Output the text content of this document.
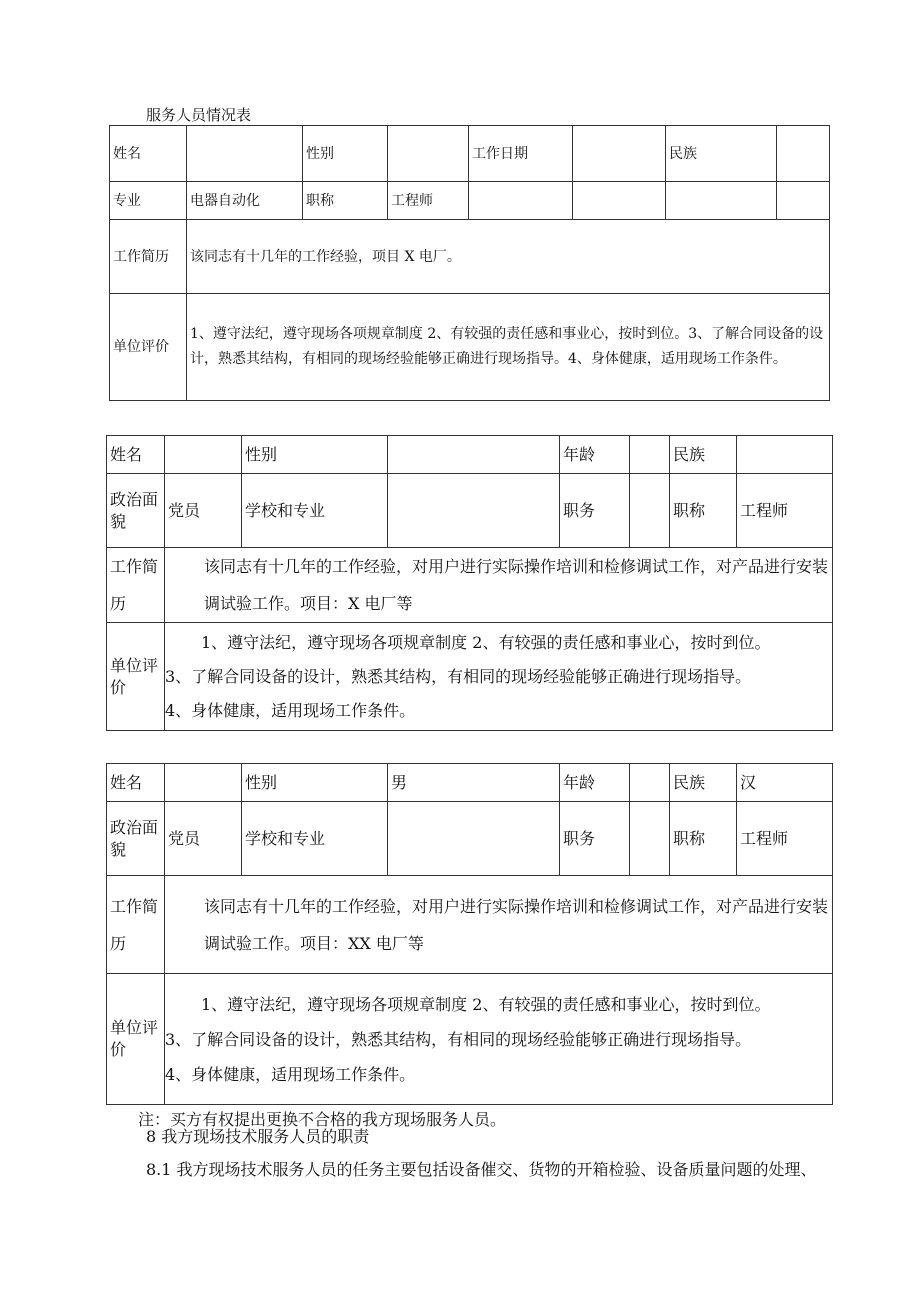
服务人员情况表
姓名		性别		工作日期		民族	
专业	电器自动化	职称	工程师				
工作简历	该同志有十几年的工作经验，项目 X 电厂。						
单位评价	1、遵守法纪，遵守现场各项规章制度 2、有较强的责任感和事业心，按时到位。3、了解合同设备的设计，熟悉其结构，有相同的现场经验能够正确进行现场指导。4、身体健康，适用现场工作条件。						
姓名		性别		年龄		民族	
政治面貌	党员	学校和专业		职务		职称	工程师
工作简历	该同志有十几年的工作经验，对用户进行实际操作培训和检修调试工作，对产品进行安装调试验工作。项目：X 电厂等						

单位评价	1、遵守法纪，遵守现场各项规章制度 2、有较强的责任感和事业心，按时到位。
3、了解合同设备的设计，熟悉其结构，有相同的现场经验能够正确进行现场指导。
4、身体健康，适用现场工作条件。						
姓名		性别	男	年龄		民族	汉
政治面貌	党员	学校和专业		职务		职称	工程师
工作简历	该同志有十几年的工作经验，对用户进行实际操作培训和检修调试工作，对产品进行安装调试验工作。项目：XX 电厂等						

单位评价	1、遵守法纪，遵守现场各项规章制度 2、有较强的责任感和事业心，按时到位。
3、了解合同设备的设计，熟悉其结构，有相同的现场经验能够正确进行现场指导。
4、身体健康，适用现场工作条件。						
注：买方有权提出更换不合格的我方现场服务人员。
8 我方现场技术服务人员的职责
8.1 我方现场技术服务人员的任务主要包括设备催交、货物的开箱检验、设备质量问题的处理、
